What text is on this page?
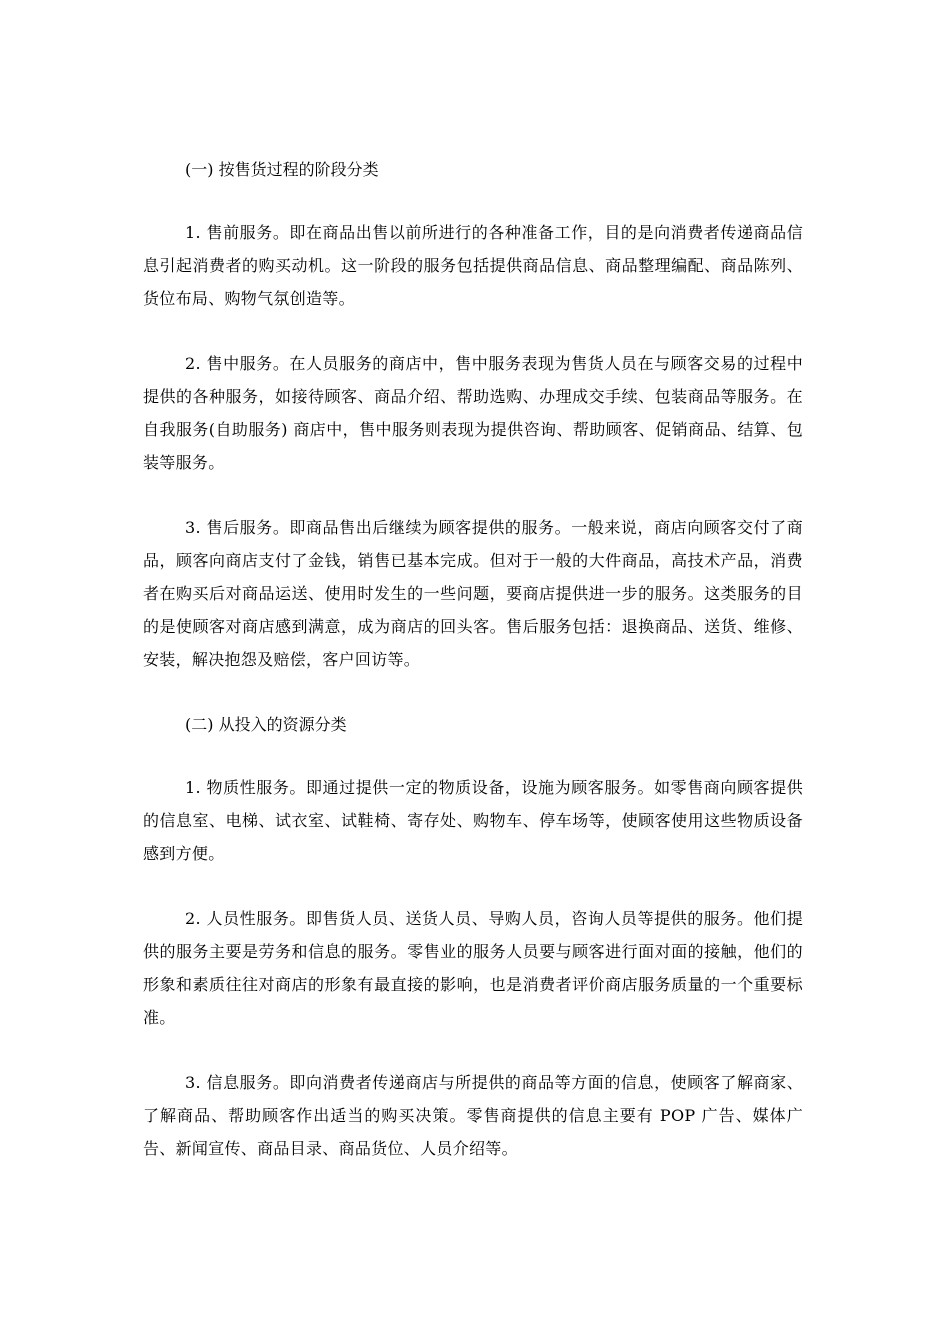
(一) 按售货过程的阶段分类

1. 售前服务。即在商品出售以前所进行的各种准备工作，目的是向消费者传递商品信息引起消费者的购买动机。这一阶段的服务包括提供商品信息、商品整理编配、商品陈列、货位布局、购物气氛创造等。

2. 售中服务。在人员服务的商店中，售中服务表现为售货人员在与顾客交易的过程中提供的各种服务，如接待顾客、商品介绍、帮助选购、办理成交手续、包装商品等服务。在自我服务(自助服务) 商店中，售中服务则表现为提供咨询、帮助顾客、促销商品、结算、包装等服务。

3. 售后服务。即商品售出后继续为顾客提供的服务。一般来说，商店向顾客交付了商品，顾客向商店支付了金钱，销售已基本完成。但对于一般的大件商品，高技术产品，消费者在购买后对商品运送、使用时发生的一些问题，要商店提供进一步的服务。这类服务的目的是使顾客对商店感到满意，成为商店的回头客。售后服务包括：退换商品、送货、维修、安装，解决抱怨及赔偿，客户回访等。

(二) 从投入的资源分类

1. 物质性服务。即通过提供一定的物质设备，设施为顾客服务。如零售商向顾客提供的信息室、电梯、试衣室、试鞋椅、寄存处、购物车、停车场等，使顾客使用这些物质设备感到方便。

2. 人员性服务。即售货人员、送货人员、导购人员，咨询人员等提供的服务。他们提供的服务主要是劳务和信息的服务。零售业的服务人员要与顾客进行面对面的接触，他们的形象和素质往往对商店的形象有最直接的影响，也是消费者评价商店服务质量的一个重要标准。

3. 信息服务。即向消费者传递商店与所提供的商品等方面的信息，使顾客了解商家、了解商品、帮助顾客作出适当的购买决策。零售商提供的信息主要有 POP 广告、媒体广告、新闻宣传、商品目录、商品货位、人员介绍等。
